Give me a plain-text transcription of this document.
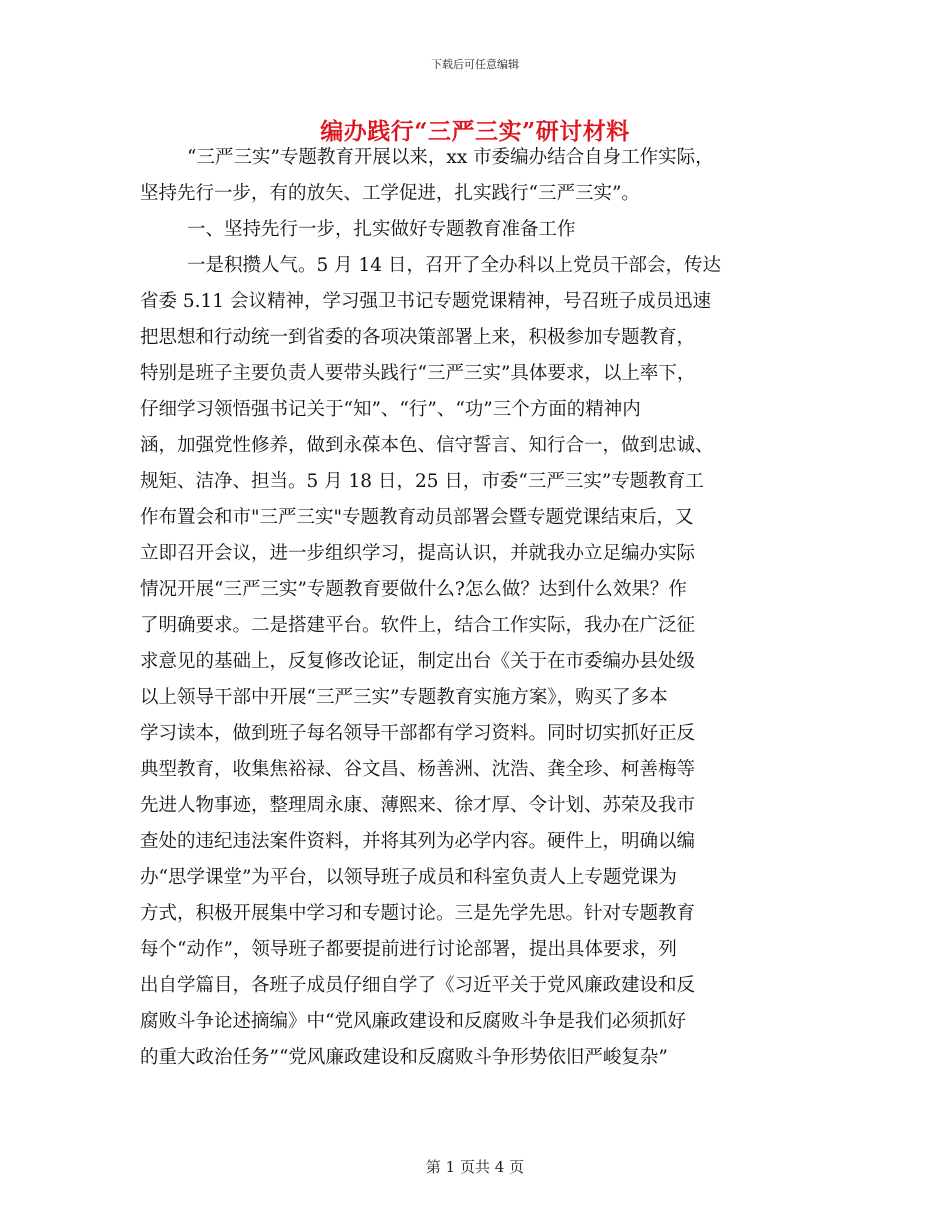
下载后可任意编辑
编办践行“三严三实”研讨材料
“三严三实”专题教育开展以来，xx 市委编办结合自身工作实际，
坚持先行一步，有的放矢、工学促进，扎实践行“三严三实”。
一、坚持先行一步，扎实做好专题教育准备工作
一是积攒人气。5 月 14 日，召开了全办科以上党员干部会，传达
省委 5.11 会议精神，学习强卫书记专题党课精神，号召班子成员迅速
把思想和行动统一到省委的各项决策部署上来，积极参加专题教育，
特别是班子主要负责人要带头践行“三严三实”具体要求，以上率下，
仔细学习领悟强书记关于“知”、“行”、“功”三个方面的精神内
涵，加强党性修养，做到永葆本色、信守誓言、知行合一，做到忠诚、
规矩、洁净、担当。5 月 18 日，25 日，市委“三严三实”专题教育工
作布置会和市"三严三实"专题教育动员部署会暨专题党课结束后，又
立即召开会议，进一步组织学习，提高认识，并就我办立足编办实际
情况开展“三严三实”专题教育要做什么?怎么做？达到什么效果？作
了明确要求。二是搭建平台。软件上，结合工作实际，我办在广泛征
求意见的基础上，反复修改论证，制定出台《关于在市委编办县处级
以上领导干部中开展“三严三实”专题教育实施方案》，购买了多本
学习读本，做到班子每名领导干部都有学习资料。同时切实抓好正反
典型教育，收集焦裕禄、谷文昌、杨善洲、沈浩、龚全珍、柯善梅等
先进人物事迹，整理周永康、薄熙来、徐才厚、令计划、苏荣及我市
查处的违纪违法案件资料，并将其列为必学内容。硬件上，明确以编
办“思学课堂”为平台，以领导班子成员和科室负责人上专题党课为
方式，积极开展集中学习和专题讨论。三是先学先思。针对专题教育
每个“动作”，领导班子都要提前进行讨论部署，提出具体要求，列
出自学篇目，各班子成员仔细自学了《习近平关于党风廉政建设和反
腐败斗争论述摘编》中“党风廉政建设和反腐败斗争是我们必须抓好
的重大政治任务”“党风廉政建设和反腐败斗争形势依旧严峻复杂”
第 1 页共 4 页
